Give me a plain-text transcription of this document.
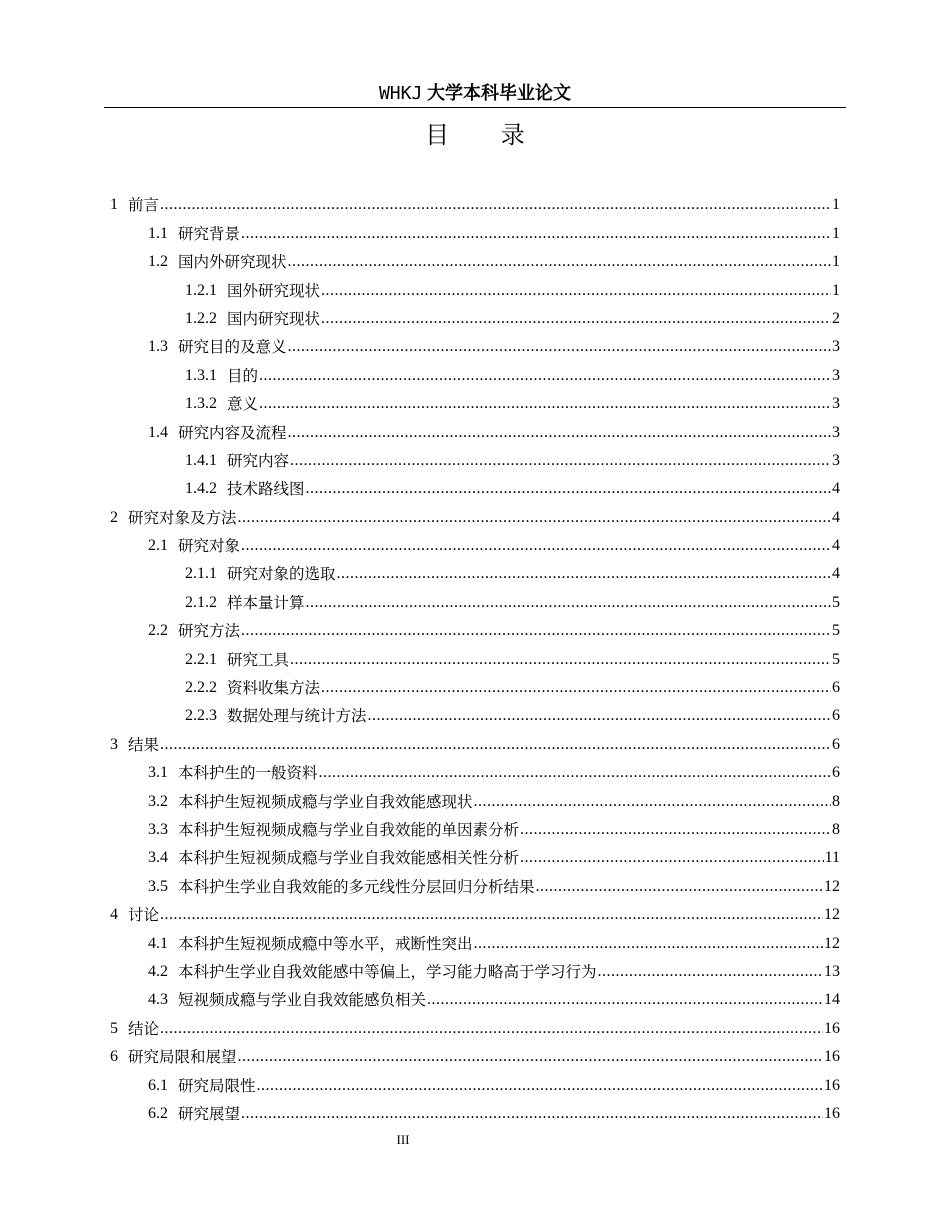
WHKJ 大学本科毕业论文
目 录
1 前言 .....	1
1.1 研究背景 .....	1
1.2 国内外研究现状 .....	1
1.2.1 国外研究现状 .....	1
1.2.2 国内研究现状 .....	2
1.3 研究目的及意义 .....	3
1.3.1 目的 .....	3
1.3.2 意义 .....	3
1.4 研究内容及流程 .....	3
1.4.1 研究内容 .....	3
1.4.2 技术路线图 .....	4
2 研究对象及方法 .....	4
2.1 研究对象 .....	4
2.1.1 研究对象的选取 .....	4
2.1.2 样本量计算 .....	5
2.2 研究方法 .....	5
2.2.1 研究工具 .....	5
2.2.2 资料收集方法 .....	6
2.2.3 数据处理与统计方法 .....	6
3 结果 .....	6
3.1 本科护生的一般资料 .....	6
3.2 本科护生短视频成瘾与学业自我效能感现状 .....	8
3.3 本科护生短视频成瘾与学业自我效能的单因素分析 .....	8
3.4 本科护生短视频成瘾与学业自我效能感相关性分析 .....	11
3.5 本科护生学业自我效能的多元线性分层回归分析结果 .....	12
4 讨论 .....	12
4.1 本科护生短视频成瘾中等水平，戒断性突出 .....	12
4.2 本科护生学业自我效能感中等偏上，学习能力略高于学习行为 .....	13
4.3 短视频成瘾与学业自我效能感负相关 .....	14
5 结论 .....	16
6 研究局限和展望 .....	16
6.1 研究局限性 .....	16
6.2 研究展望 .....	16
III
